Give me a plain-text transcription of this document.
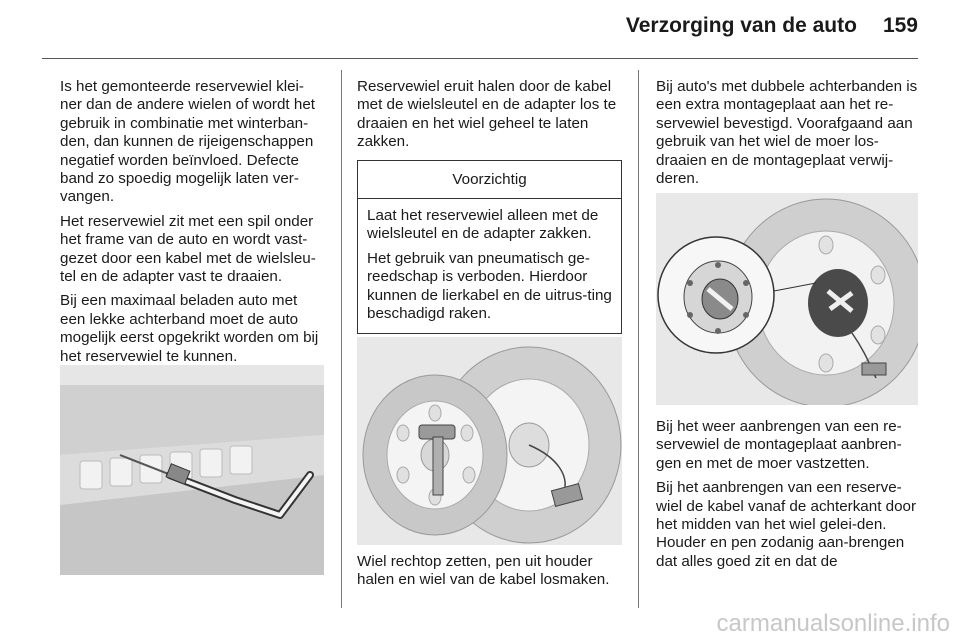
Verzorging van de auto 159

Is het gemonteerde reservewiel klei-ner dan de andere wielen of wordt het gebruik in combinatie met winterban-den, dan kunnen de rijeigenschappen negatief worden beïnvloed. Defecte band zo spoedig mogelijk laten ver-vangen.

Het reservewiel zit met een spil onder het frame van de auto en wordt vast-gezet door een kabel met de wielsleu-tel en de adapter vast te draaien.

Bij een maximaal beladen auto met een lekke achterband moet de auto mogelijk eerst opgekrikt worden om bij het reservewiel te kunnen.

Reservewiel eruit halen door de kabel met de wielsleutel en de adapter los te draaien en het wiel geheel te laten zakken.

Voorzichtig

Laat het reservewiel alleen met de wielsleutel en de adapter zakken.

Het gebruik van pneumatisch ge-reedschap is verboden. Hierdoor kunnen de lierkabel en de uitrus-ting beschadigd raken.

Wiel rechtop zetten, pen uit houder halen en wiel van de kabel losmaken.

Bij auto's met dubbele achterbanden is een extra montageplaat aan het re-servewiel bevestigd. Voorafgaand aan gebruik van het wiel de moer los-draaien en de montageplaat verwij-deren.

Bij het weer aanbrengen van een re-servewiel de montageplaat aanbren-gen en met de moer vastzetten.

Bij het aanbrengen van een reserve-wiel de kabel vanaf de achterkant door het midden van het wiel gelei-den. Houder en pen zodanig aan-brengen dat alles goed zit en dat de

carmanualsonline.info
